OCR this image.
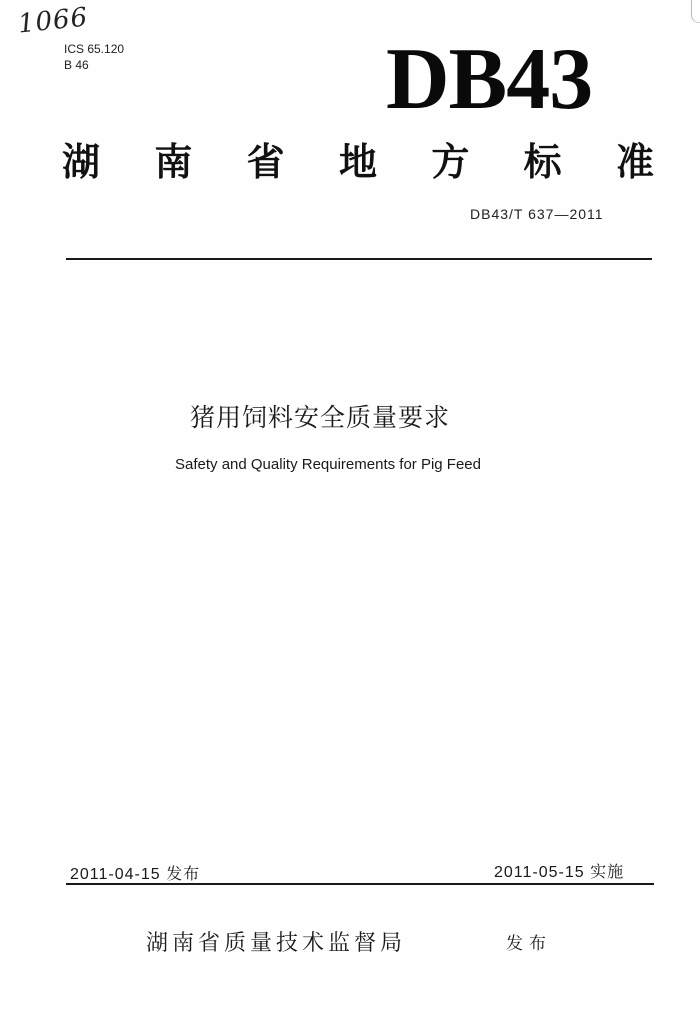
1066
ICS 65.120
B 46	DB43
湖 南 省 地 方 标 准
DB43/T 637—2011
猪用饲料安全质量要求
Safety and Quality Requirements for Pig Feed
2011-04-15 发布	2011-05-15 实施
湖南省质量技术监督局	发布
